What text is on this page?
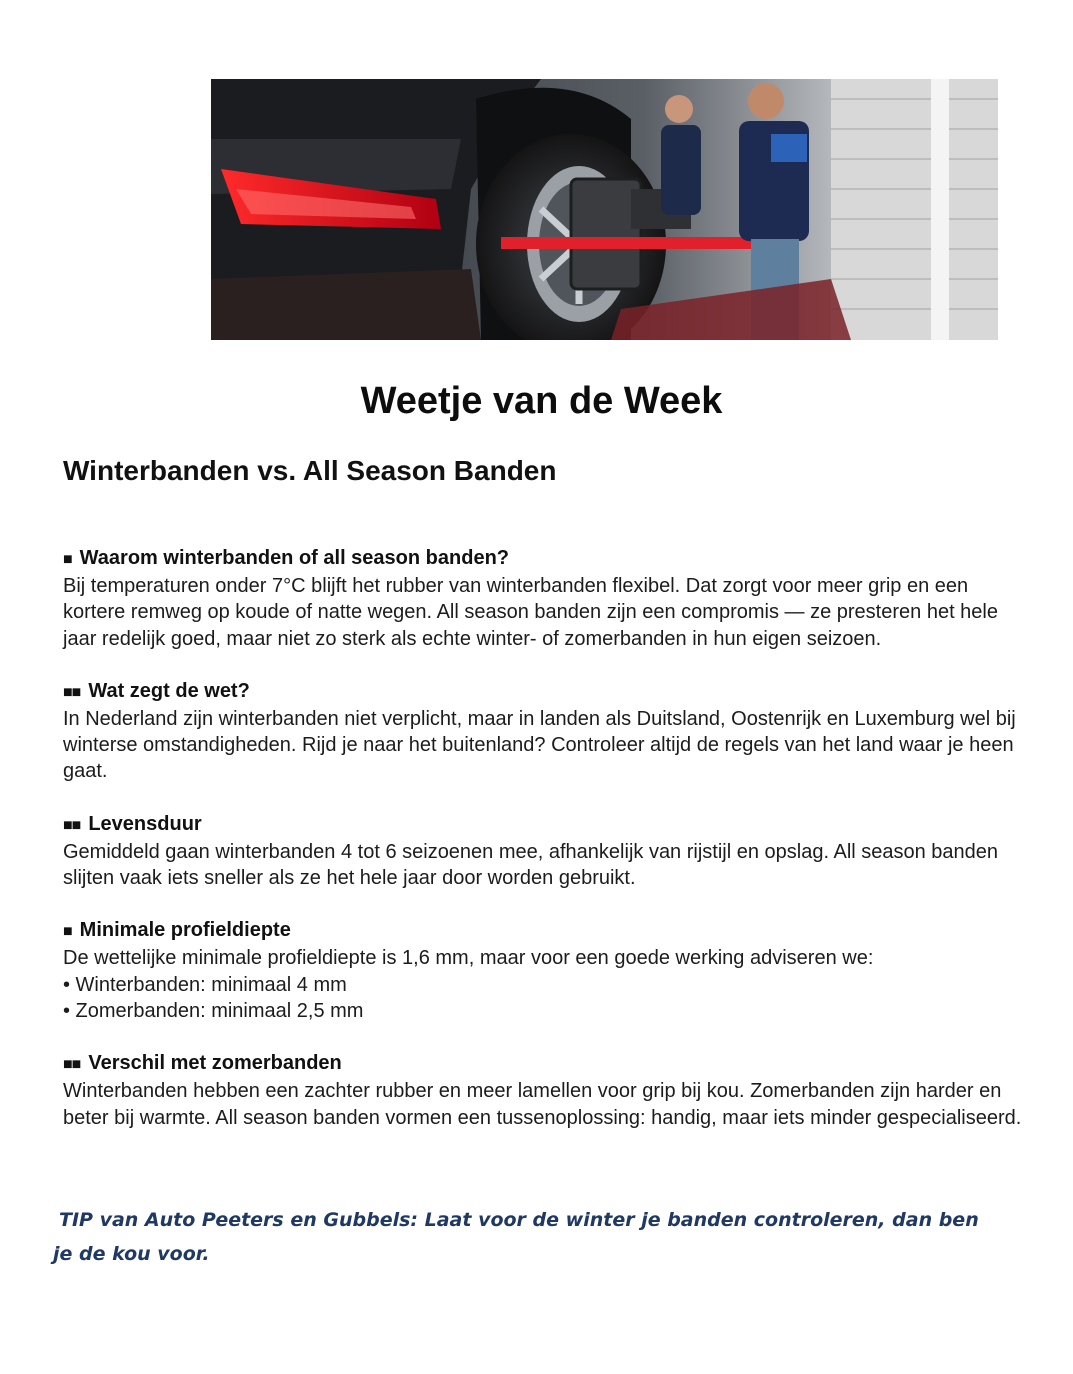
Weetje van de Week
Winterbanden vs. All Season Banden

■ Waarom winterbanden of all season banden?

Bij temperaturen onder 7°C blijft het rubber van winterbanden flexibel. Dat zorgt voor meer grip en een kortere remweg op koude of natte wegen. All season banden zijn een compromis — ze presteren het hele jaar redelijk goed, maar niet zo sterk als echte winter- of zomerbanden in hun eigen seizoen.

■■ Wat zegt de wet?

In Nederland zijn winterbanden niet verplicht, maar in landen als Duitsland, Oostenrijk en Luxemburg wel bij winterse omstandigheden. Rijd je naar het buitenland? Controleer altijd de regels van het land waar je heen gaat.

■■ Levensduur

Gemiddeld gaan winterbanden 4 tot 6 seizoenen mee, afhankelijk van rijstijl en opslag. All season banden slijten vaak iets sneller als ze het hele jaar door worden gebruikt.

■ Minimale profieldiepte

De wettelijke minimale profieldiepte is 1,6 mm, maar voor een goede werking adviseren we:

• Winterbanden: minimaal 4 mm

• Zomerbanden: minimaal 2,5 mm

■■ Verschil met zomerbanden

Winterbanden hebben een zachter rubber en meer lamellen voor grip bij kou. Zomerbanden zijn harder en beter bij warmte. All season banden vormen een tussenoplossing: handig, maar iets minder gespecialiseerd.

TIP van Auto Peeters en Gubbels: Laat voor de winter je banden controleren, dan ben je de kou voor.
